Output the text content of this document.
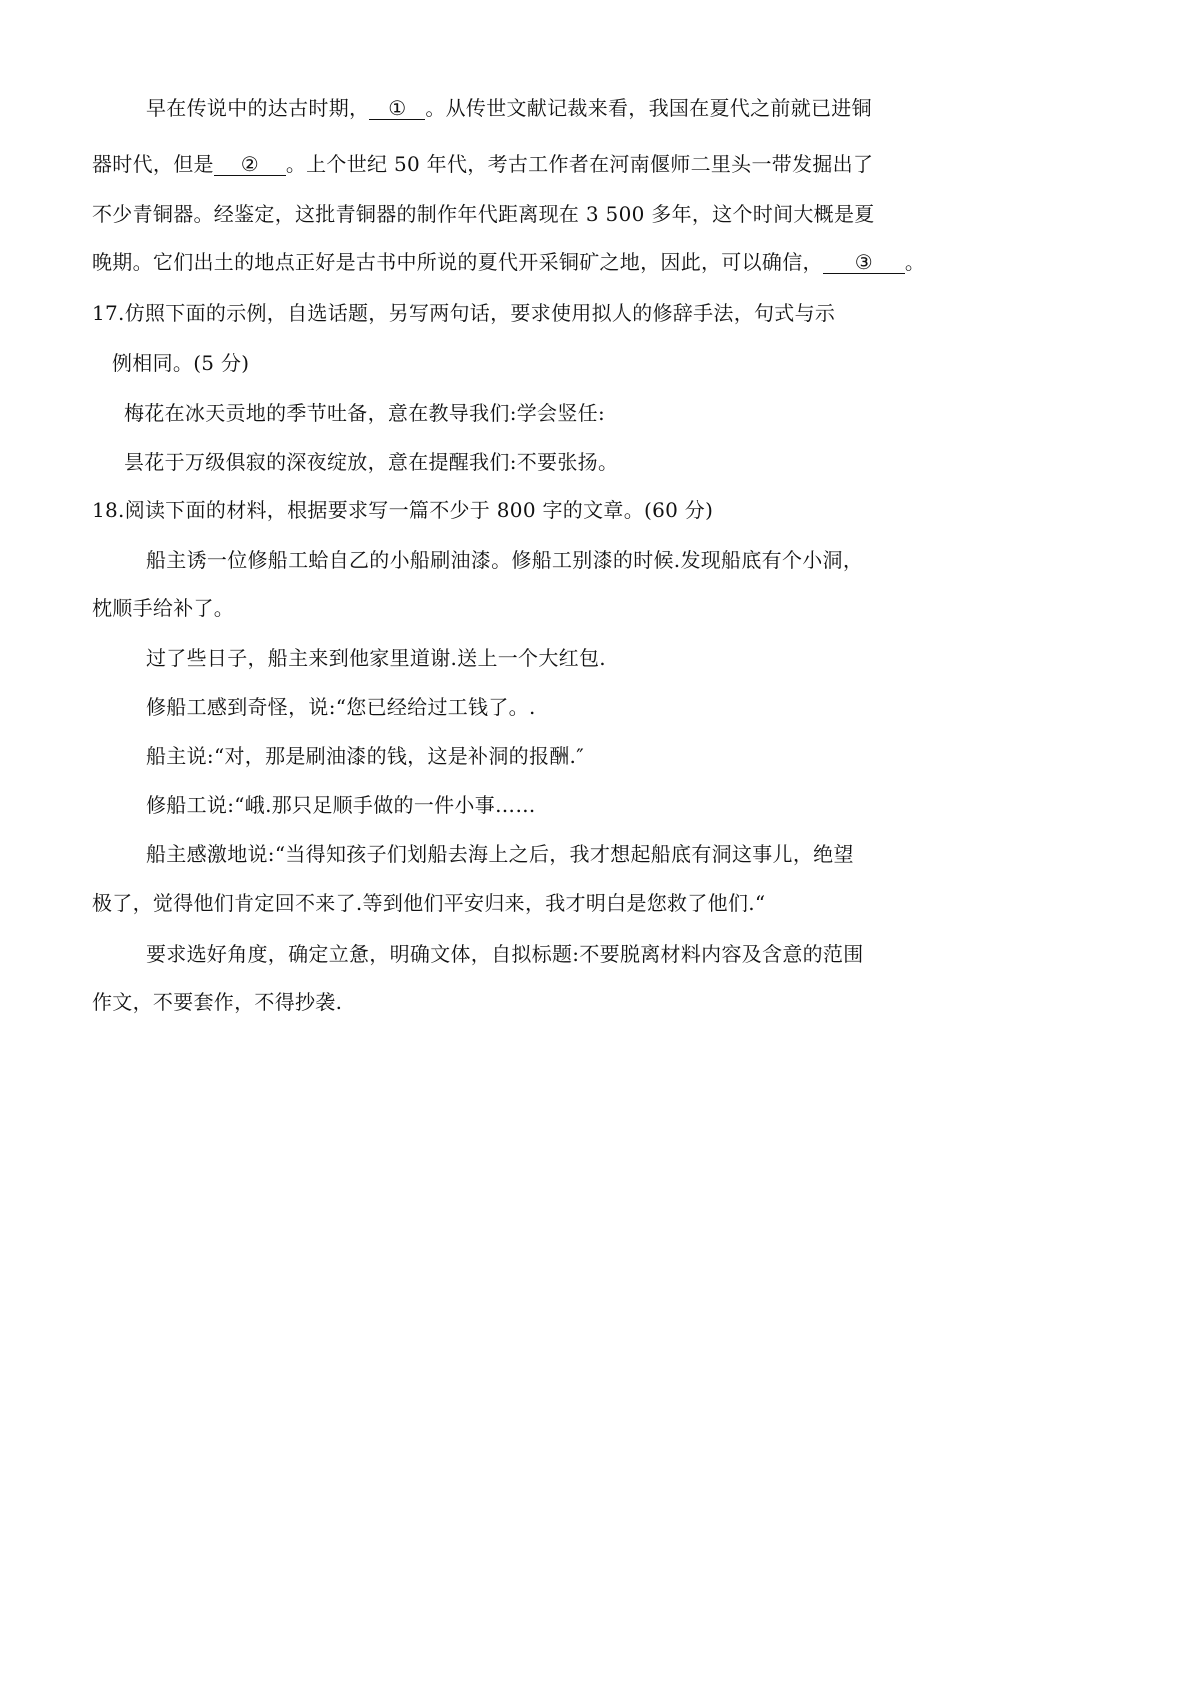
早在传说中的达古时期， ① 。从传世文献记裁来看，我国在夏代之前就已进铜
器时代，但是 ② 。上个世纪 50 年代，考古工作者在河南偃师二里头一带发掘出了
不少青铜器。经鉴定，这批青铜器的制作年代距离现在 3 500 多年，这个时间大概是夏
晚期。它们出土的地点正好是古书中所说的夏代开采铜矿之地，因此，可以确信， ③ 。
17.仿照下面的示例，自选话题，另写两句话，要求使用拟人的修辞手法，句式与示
例相同。(5 分)
梅花在冰天贡地的季节吐备，意在教导我们:学会竖任:
昙花于万级俱寂的深夜绽放，意在提醒我们:不要张扬。
18.阅读下面的材料，根据要求写一篇不少于 800 字的文章。(60 分)
船主诱一位修船工蛤自乙的小船刷油漆。修船工别漆的时候.发现船底有个小洞，
枕顺手给补了。
过了些日子，船主来到他家里道谢.送上一个大红包.
修船工感到奇怪，说:“您已经给过工钱了。.
船主说:“对，那是刷油漆的钱，这是补洞的报酬.″
修船工说:“峨.那只足顺手做的一件小事……
船主感激地说:“当得知孩子们划船去海上之后，我才想起船底有洞这事儿，绝望
极了，觉得他们肯定回不来了.等到他们平安归来，我才明白是您救了他们.“
要求选好角度，确定立惫，明确文体，自拟标题:不要脱离材料内容及含意的范围
作文，不要套作，不得抄袭.
